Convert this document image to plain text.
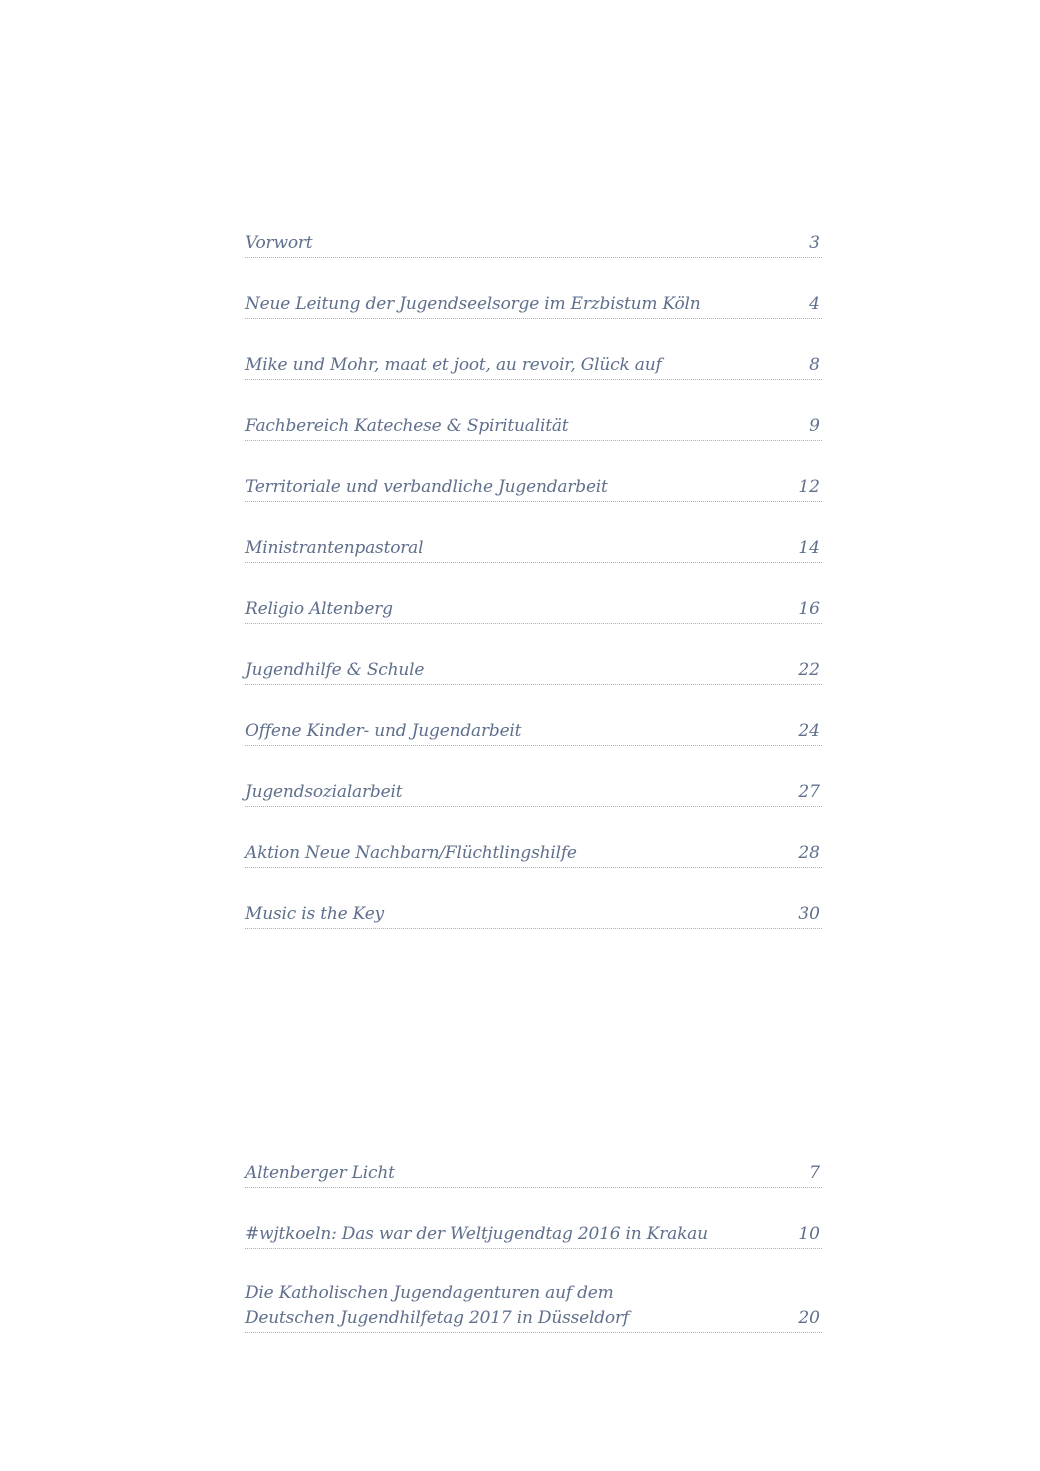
Vorwort	3
Neue Leitung der Jugendseelsorge im Erzbistum Köln	4
Mike und Mohr, maat et joot, au revoir, Glück auf	8
Fachbereich Katechese & Spiritualität	9
Territoriale und verbandliche Jugendarbeit	12
Ministrantenpastoral	14
Religio Altenberg	16
Jugendhilfe & Schule	22
Offene Kinder- und Jugendarbeit	24
Jugendsozialarbeit	27
Aktion Neue Nachbarn/Flüchtlingshilfe	28
Music is the Key	30
Altenberger Licht	7
#wjtkoeln: Das war der Weltjugendtag 2016 in Krakau	10
Die Katholischen Jugendagenturen auf dem
Deutschen Jugendhilfetag 2017 in Düsseldorf	20
